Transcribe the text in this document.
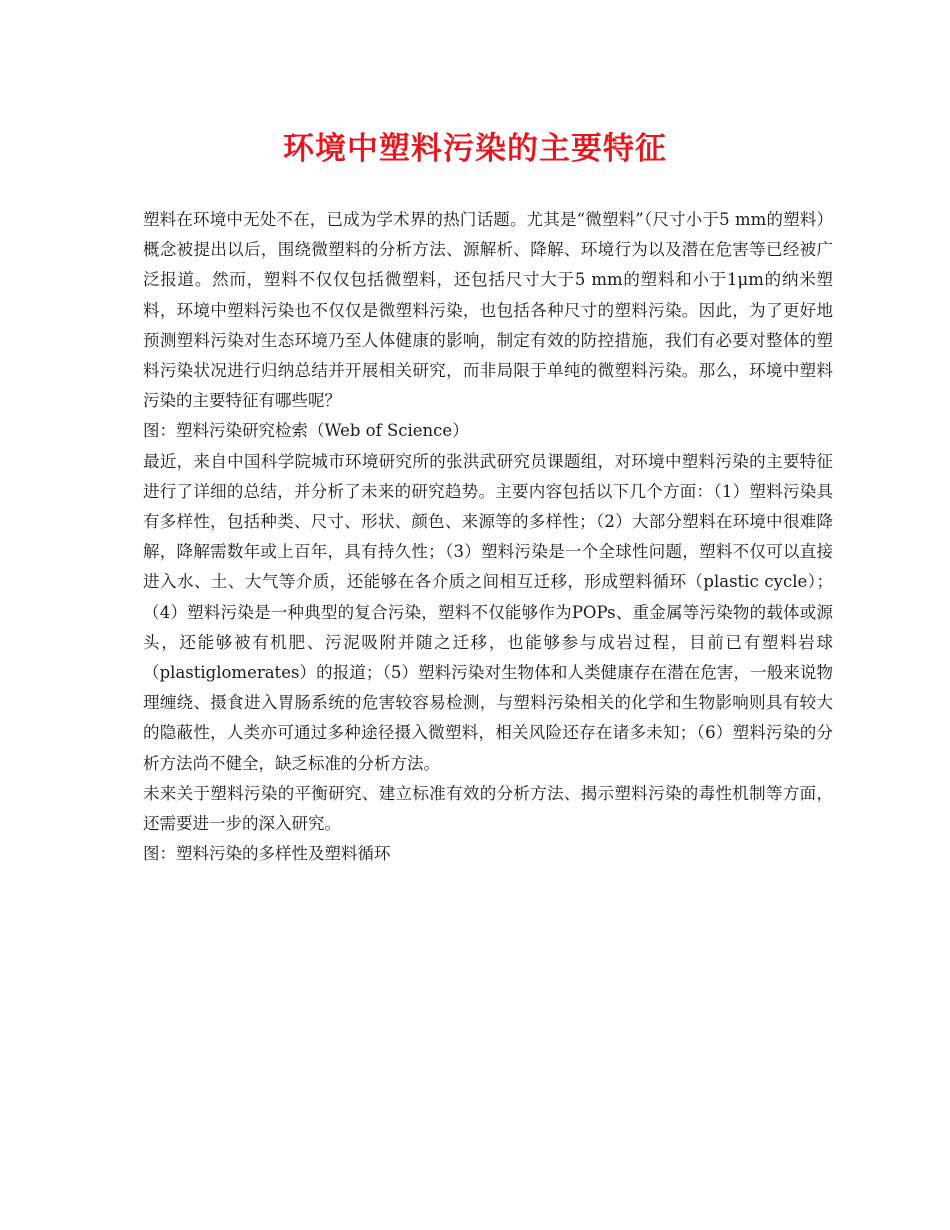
环境中塑料污染的主要特征

塑料在环境中无处不在，已成为学术界的热门话题。尤其是“微塑料”（尺寸小于5 mm的塑料）概念被提出以后，围绕微塑料的分析方法、源解析、降解、环境行为以及潜在危害等已经被广泛报道。然而，塑料不仅仅包括微塑料，还包括尺寸大于5 mm的塑料和小于1μm的纳米塑料，环境中塑料污染也不仅仅是微塑料污染，也包括各种尺寸的塑料污染。因此，为了更好地预测塑料污染对生态环境乃至人体健康的影响，制定有效的防控措施，我们有必要对整体的塑料污染状况进行归纳总结并开展相关研究，而非局限于单纯的微塑料污染。那么，环境中塑料污染的主要特征有哪些呢？

图：塑料污染研究检索（Web of Science）

最近，来自中国科学院城市环境研究所的张洪武研究员课题组，对环境中塑料污染的主要特征进行了详细的总结，并分析了未来的研究趋势。主要内容包括以下几个方面：（1）塑料污染具有多样性，包括种类、尺寸、形状、颜色、来源等的多样性；（2）大部分塑料在环境中很难降解，降解需数年或上百年，具有持久性；（3）塑料污染是一个全球性问题，塑料不仅可以直接进入水、土、大气等介质，还能够在各介质之间相互迁移，形成塑料循环（plastic cycle）；（4）塑料污染是一种典型的复合污染，塑料不仅能够作为POPs、重金属等污染物的载体或源头，还能够被有机肥、污泥吸附并随之迁移，也能够参与成岩过程，目前已有塑料岩球（plastiglomerates）的报道；（5）塑料污染对生物体和人类健康存在潜在危害，一般来说物理缠绕、摄食进入胃肠系统的危害较容易检测，与塑料污染相关的化学和生物影响则具有较大的隐蔽性，人类亦可通过多种途径摄入微塑料，相关风险还存在诸多未知；（6）塑料污染的分析方法尚不健全，缺乏标准的分析方法。

未来关于塑料污染的平衡研究、建立标准有效的分析方法、揭示塑料污染的毒性机制等方面，还需要进一步的深入研究。

图：塑料污染的多样性及塑料循环
